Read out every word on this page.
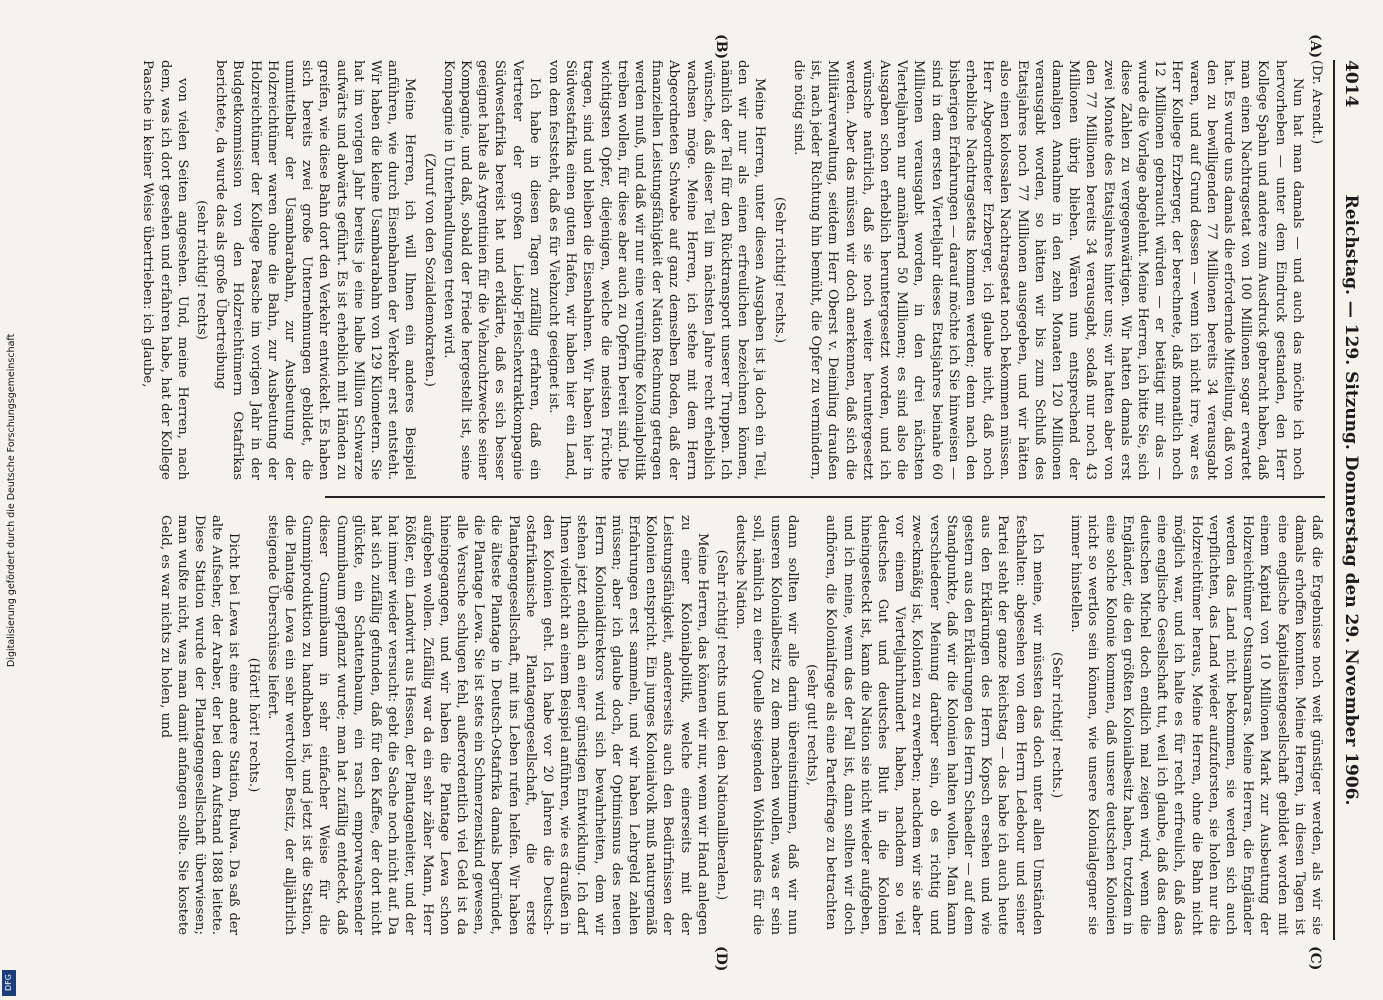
4014
Reichstag. — 129. Sitzung. Donnerstag den 29. November 1906.
(A)
(B)
(C)
(D)

(Dr. Arendt.)

Nun hat man damals — und auch das möchte ich noch hervorheben — unter dem Eindruck gestanden, den Herr Kollege Spahn und andere zum Ausdruck gebracht haben, daß man einen Nachtragsetat von 100 Millionen sogar erwartet hat. Es wurde uns damals die erfordernde Mitteilung, daß von den zu bewilligenden 77 Millionen bereits 34 verausgabt waren, und auf Grund dessen — wenn ich nicht irre, war es Herr Kollege Erzberger, der berechnete, daß monatlich noch 12 Millionen gebraucht würden — er betätigt mir das — wurde die Vorlage abgelehnt. Meine Herren, ich bitte Sie, sich diese Zahlen zu vergegenwärtigen. Wir hatten damals erst zwei Monate des Etatsjahres hinter uns; wir hatten aber von den 77 Millionen bereits 34 verausgabt, sodaß nur noch 43 Millionen übrig blieben. Wären nun entsprechend der damaligen Annahme in den zehn Monaten 120 Millionen verausgabt worden, so hätten wir bis zum Schluß des Etatsjahres noch 77 Millionen ausgegeben, und wir hätten also einen kolossalen Nachtragsetat noch bekommen müssen. Herr Abgeordneter Erzberger, ich glaube nicht, daß noch erhebliche Nachtragsetats kommen werden; denn nach den bisherigen Erfahrungen — darauf möchte ich Sie hinweisen — sind in dem ersten Vierteljahr dieses Etatsjahres beinahe 60 Millionen verausgabt worden, in den drei nächsten Vierteljahren nur annähernd 50 Millionen; es sind also die Ausgaben schon erheblich heruntergesetzt worden, und ich wünsche natürlich, daß sie noch weiter heruntergesetzt werden. Aber das müssen wir doch anerkennen, daß sich die Militärverwaltung, seitdem Herr Oberst v. Deimling draußen ist, nach jeder Richtung hin bemüht, die Opfer zu vermindern, die nötig sind.

(Sehr richtig! rechts.)

Meine Herren, unter diesen Ausgaben ist ja doch ein Teil, den wir nur als einen erfreulichen bezeichnen können, nämlich der Teil für den Rücktransport unserer Truppen. Ich wünsche, daß dieser Teil im nächsten Jahre recht erheblich wachsen möge. Meine Herren, ich stehe mit dem Herrn Abgeordneten Schwabe auf ganz demselben Boden, daß der finanziellen Leistungsfähigkeit der Nation Rechnung getragen werden muß, und daß wir nur eine vernünftige Kolonialpolitik treiben wollen, für diese aber auch zu Opfern bereit sind. Die wichtigsten Opfer, diejenigen, welche die meisten Früchte tragen, sind und bleiben die Eisenbahnen. Wir haben hier in Südwestafrika einen guten Hafen, wir haben hier ein Land, von dem feststeht, daß es für Viehzucht geeignet ist.

Ich habe in diesen Tagen zufällig erfahren, daß ein Vertreter der großen Liebig-Fleischextraktkompagnie Südwestafrika bereist hat und erklärte, daß es sich besser geeignet halte als Argentinien für die Viehzuchtzwecke seiner Kompagnie, und daß, sobald der Friede hergestellt ist, seine Kompagnie in Unterhandlungen treten wird.

(Zuruf von den Sozialdemokraten.)

Meine Herren, ich will Ihnen ein anderes Beispiel anführen, wie durch Eisenbahnen der Verkehr erst entsteht. Wir haben die kleine Usambarabahn von 129 Kilometern. Sie hat im vorigen Jahr bereits je eine halbe Million Schwarze aufwärts und abwärts geführt. Es ist erheblich mit Händen zu greifen, wie diese Bahn dort den Verkehr entwickelt. Es haben sich bereits zwei große Unternehmungen gebildet, die unmittelbar der Usambarabahn, zur Ausbeutung der Holzreichtümer waren ohne die Bahn, zur Ausbeutung der Holzreichtümer der Kollege Paasche im vorigen Jahr in der Budgetkommission von den Holzreichtümern Ostafrikas berichtete, da wurde das als große Übertreibung

(sehr richtig! rechts)

von vielen Seiten angesehen. Und, meine Herren, nach dem, was ich dort gesehen und erfahren habe, hat der Kollege Paasche in keiner Weise übertrieben: ich glaube,

daß die Ergebnisse noch weit günstiger werden, als wir sie damals erhoffen konnten. Meine Herren, in diesen Tagen ist eine englische Kapitalistengesellschaft gebildet worden mit einem Kapital von 10 Millionen Mark zur Ausbeutung der Holzreichtümer Ostusambaras. Meine Herren, die Engländer werden das Land nicht bekommen, sie werden sich auch verpflichten, das Land wieder aufzuforsten, sie holen nur die Holzreichtümer heraus, Meine Herren, ohne die Bahn nicht möglich war, und ich halte es für recht erfreulich, daß das eine englische Gesellschaft tut, weil ich glaube, daß das dem deutschen Michel doch endlich mal zeigen wird, wenn die Engländer, die den größten Kolonialbesitz haben, trotzdem in eine solche Kolonie kommen, daß unsere deutschen Kolonien nicht so wertlos sein können, wie unsere Kolonialgegner sie immer hinstellen.

(Sehr richtig! rechts.)

Ich meine, wir müssten das doch unter allen Umständen festhalten: abgesehen von dem Herrn Ledebour und seiner Partei steht der ganze Reichstag — das habe ich auch heute aus den Erklärungen des Herrn Kopsch ersehen und wie gestern aus den Erklärungen des Herrn Schaedler — auf dem Standpunkte, daß wir die Kolonien halten wollen. Man kann verschiedener Meinung darüber sein, ob es richtig und zweckmäßig ist, Kolonien zu erwerben; nachdem wir sie aber vor einem Vierteljahrhundert haben, nachdem so viel deutsches Gut und deutsches Blut in die Kolonien hineingesteckt ist, kann die Nation sie nicht wieder aufgeben, und ich meine, wenn das der Fall ist, dann sollten wir doch aufhören, die Kolonialfrage als eine Parteifrage zu betrachten

(sehr gut! rechts),

dann sollten wir alle darin übereinstimmen, daß wir nun unseren Kolonialbesitz zu dem machen wollen, was er sein soll, nämlich zu einer Quelle steigenden Wohlstandes für die deutsche Nation.

(Sehr richtig! rechts und bei den Nationalliberalen.)

Meine Herren, das können wir nur, wenn wir Hand anlegen zu einer Kolonialpolitik, welche einerseits mit der Leistungsfähigkeit, andererseits auch den Bedürfnissen der Kolonien entspricht. Ein junges Kolonialvolk muß naturgemäß Erfahrungen erst sammeln, und wir haben Lehrgeld zahlen müssen; aber ich glaube doch, der Optimismus des neuen Herrn Kolonialdirektors wird sich bewahrheiten, dem wir stehen jetzt endlich an einer günstigen Entwicklung. Ich darf Ihnen vielleicht an einem Beispiel anführen, wie es draußen in den Kolonien geht. Ich habe vor 20 Jahren die Deutsch-ostafrikanische Plantagengesellschaft, die erste Plantagengesellschaft, mit ins Leben rufen helfen. Wir haben die älteste Plantage in Deutsch-Ostafrika damals begründet, die Plantage Lewa. Sie ist stets ein Schmerzenskind gewesen, alle Versuche schlugen fehl, außerordentlich viel Geld ist da hineingegangen, und wir haben die Plantage Lewa schon aufgeben wollen. Zufällig war da ein sehr zäher Mann, Herr Rößler, ein Landwirt aus Hessen, der Plantagenleiter, und der hat immer wieder versucht: gebt die Sache noch nicht auf. Da hat sich zufällig gefunden, daß für den Kaffee, der dort nicht glückte, ein Schattenbaum, ein rasch emporwachsender Gummibaum gepflanzt wurde; man hat zufällig entdeckt, daß dieser Gummibaum in sehr einfacher Weise für die Gummiproduktion zu handhaben ist, und jetzt ist die Station, die Plantage Lewa ein sehr wertvoller Besitz, der alljährlich steigende Überschüsse liefert.

(Hört! hört! rechts.)

Dicht bei Lewa ist eine andere Station, Bulwa. Da saß der alte Aufseher, der Araber, der bei dem Aufstand 1888 leitete. Diese Station wurde der Plantagengesellschaft überwiesen; man wußte nicht, was man damit anfangen sollte. Sie kostete Geld, es war nichts zu holen, und

Digitalisierung gefördert durch die Deutsche Forschungsgemeinschaft
DFG
